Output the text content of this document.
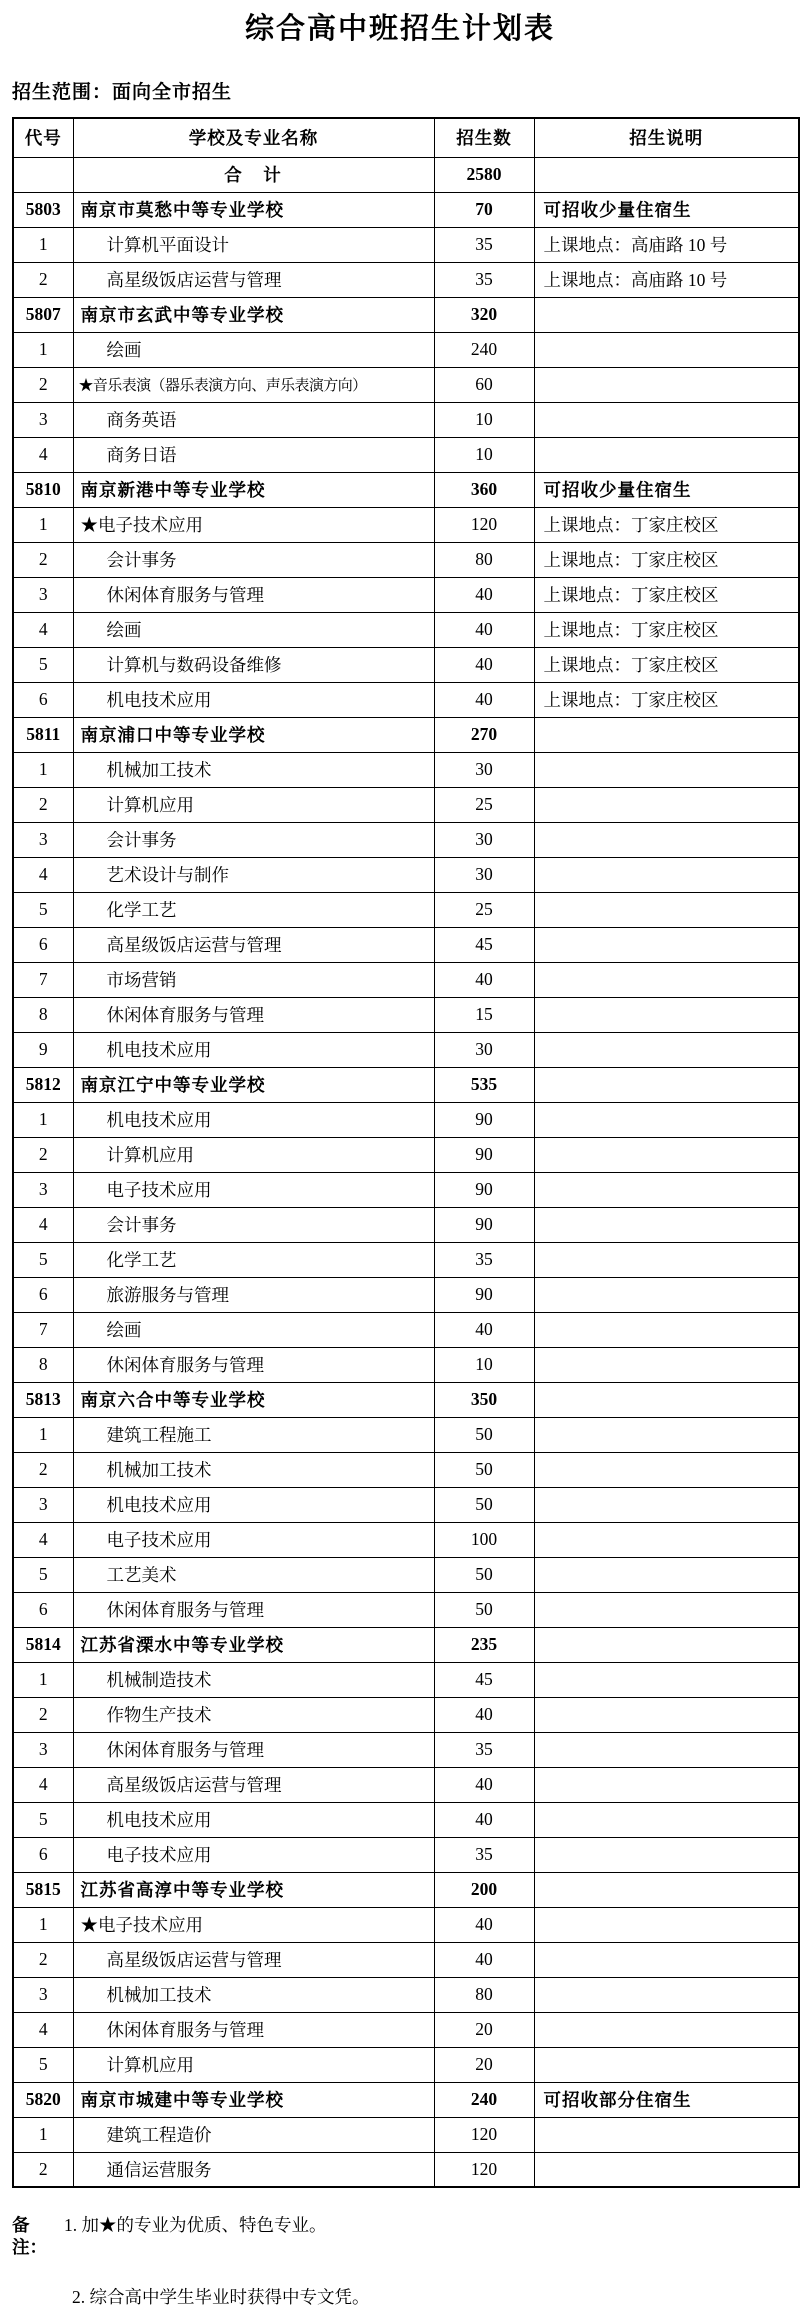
综合高中班招生计划表
招生范围：面向全市招生
代号	学校及专业名称	招生数	招生说明
	合　计	2580	
5803	南京市莫愁中等专业学校	70	可招收少量住宿生
1	计算机平面设计	35	上课地点：高庙路 10 号
2	高星级饭店运营与管理	35	上课地点：高庙路 10 号
5807	南京市玄武中等专业学校	320	
1	绘画	240	
2	★音乐表演（器乐表演方向、声乐表演方向）	60	
3	商务英语	10	
4	商务日语	10	
5810	南京新港中等专业学校	360	可招收少量住宿生
1	★电子技术应用	120	上课地点：丁家庄校区
2	会计事务	80	上课地点：丁家庄校区
3	休闲体育服务与管理	40	上课地点：丁家庄校区
4	绘画	40	上课地点：丁家庄校区
5	计算机与数码设备维修	40	上课地点：丁家庄校区
6	机电技术应用	40	上课地点：丁家庄校区
5811	南京浦口中等专业学校	270	
1	机械加工技术	30	
2	计算机应用	25	
3	会计事务	30	
4	艺术设计与制作	30	
5	化学工艺	25	
6	高星级饭店运营与管理	45	
7	市场营销	40	
8	休闲体育服务与管理	15	
9	机电技术应用	30	
5812	南京江宁中等专业学校	535	
1	机电技术应用	90	
2	计算机应用	90	
3	电子技术应用	90	
4	会计事务	90	
5	化学工艺	35	
6	旅游服务与管理	90	
7	绘画	40	
8	休闲体育服务与管理	10	
5813	南京六合中等专业学校	350	
1	建筑工程施工	50	
2	机械加工技术	50	
3	机电技术应用	50	
4	电子技术应用	100	
5	工艺美术	50	
6	休闲体育服务与管理	50	
5814	江苏省溧水中等专业学校	235	
1	机械制造技术	45	
2	作物生产技术	40	
3	休闲体育服务与管理	35	
4	高星级饭店运营与管理	40	
5	机电技术应用	40	
6	电子技术应用	35	
5815	江苏省高淳中等专业学校	200	
1	★电子技术应用	40	
2	高星级饭店运营与管理	40	
3	机械加工技术	80	
4	休闲体育服务与管理	20	
5	计算机应用	20	
5820	南京市城建中等专业学校	240	可招收部分住宿生
1	建筑工程造价	120	
2	通信运营服务	120	
备注：
1. 加★的专业为优质、特色专业。
2. 综合高中学生毕业时获得中专文凭。
